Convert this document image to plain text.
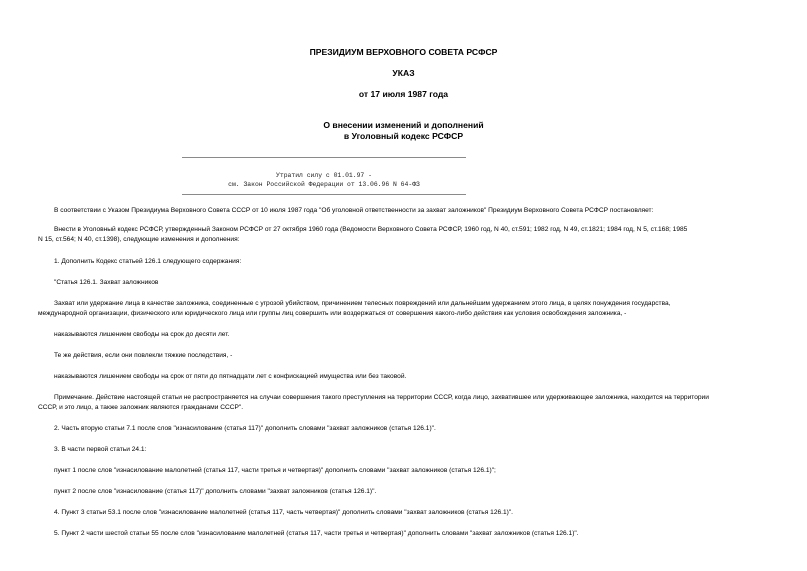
ПРЕЗИДИУМ ВЕРХОВНОГО СОВЕТА РСФСР
УКАЗ
от 17 июля 1987 года
О внесении изменений и дополнений
в Уголовный кодекс РСФСР
Утратил силу с 01.01.97 -
см. Закон Российской Федерации от 13.06.96 N 64-ФЗ
В соответствии с Указом Президиума Верховного Совета СССР от 10 июля 1987 года "Об уголовной ответственности за захват заложников" Президиум Верховного Совета РСФСР постановляет:
Внести в Уголовный кодекс РСФСР, утвержденный Законом РСФСР от 27 октября 1960 года (Ведомости Верховного Совета РСФСР, 1960 год, N 40, ст.591; 1982 год, N 49, ст.1821; 1984 год, N 5, ст.168; 1985
N 15, ст.564; N 40, ст.1398), следующие изменения и дополнения:
1. Дополнить Кодекс статьей 126.1 следующего содержания:
"Статья 126.1. Захват заложников
Захват или удержание лица в качестве заложника, соединенные с угрозой убийством, причинением телесных повреждений или дальнейшим удержанием этого лица, в целях понуждения государства,
международной организации, физического или юридического лица или группы лиц совершить или воздержаться от совершения какого-либо действия как условия освобождения заложника, -
наказываются лишением свободы на срок до десяти лет.
Те же действия, если они повлекли тяжкие последствия, -
наказываются лишением свободы на срок от пяти до пятнадцати лет с конфискацией имущества или без таковой.
Примечание. Действие настоящей статьи не распространяется на случаи совершения такого преступления на территории СССР, когда лицо, захватившее или удерживающее заложника, находится на территории
СССР, и это лицо, а также заложник являются гражданами СССР".
2. Часть вторую статьи 7.1 после слов "изнасилование (статья 117)" дополнить словами "захват заложников (статья 126.1)".
3. В части первой статьи 24.1:
пункт 1 после слов "изнасилование малолетней (статья 117, части третья и четвертая)" дополнить словами "захват заложников (статья 126.1)";
пункт 2 после слов "изнасилование (статья 117)" дополнить словами "захват заложников (статья 126.1)".
4. Пункт 3 статьи 53.1 после слов "изнасилование малолетней (статья 117, часть четвертая)" дополнить словами "захват заложников (статья 126.1)".
5. Пункт 2 части шестой статьи 55 после слов "изнасилование малолетней (статья 117, части третья и четвертая)" дополнить словами "захват заложников (статья 126.1)".
